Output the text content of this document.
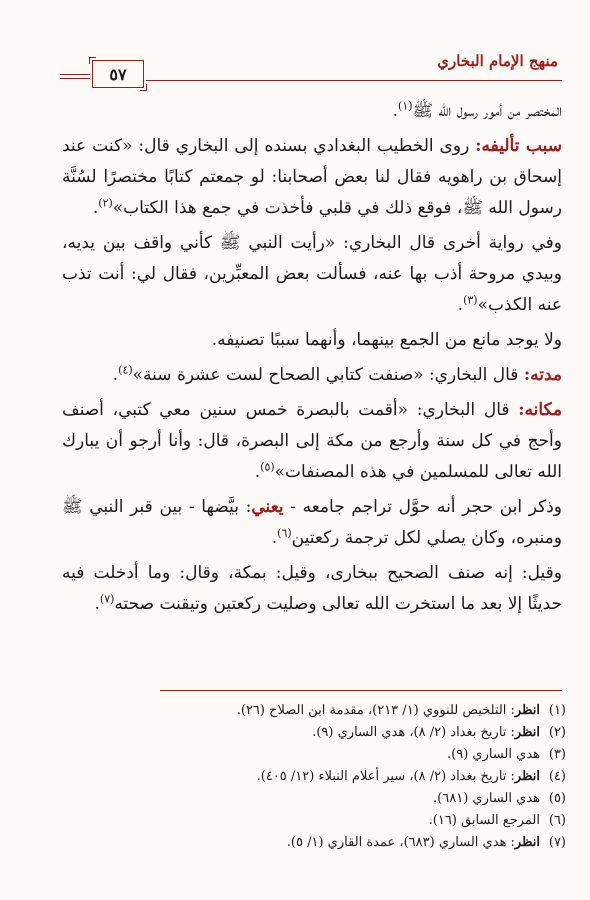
منهج الإمام البخاري
٥٧

المختصر من أمور رسول الله ﷺ$^{(١)}$.

سبب تأليفه: روى الخطيب البغدادي بسنده إلى البخاري قال: «كنت عند إسحاق بن راهويه فقال لنا بعض أصحابنا: لو جمعتم كتابًا مختصرًا لسُنَّة رسول الله ﷺ، فوقع ذلك في قلبي فأخذت في جمع هذا الكتاب»$^{(٢)}$.

وفي رواية أخرى قال البخاري: «رأيت النبي ﷺ كأني واقف بين يديه، وبيدي مروحة أذب بها عنه، فسألت بعض المعبِّرين، فقال لي: أنت تذب عنه الكذب»$^{(٣)}$.

ولا يوجد مانع من الجمع بينهما، وأنهما سببًا تصنيفه.

مدته: قال البخاري: «صنفت كتابي الصحاح لست عشرة سنة»$^{(٤)}$.

مكانه: قال البخاري: «أقمت بالبصرة خمس سنين معي كتبي، أصنف وأحج في كل سنة وأرجع من مكة إلى البصرة، قال: وأنا أرجو أن يبارك الله تعالى للمسلمين في هذه المصنفات»$^{(٥)}$.

وذكر ابن حجر أنه حوَّل تراجم جامعه - يعني: بيَّضها - بين قبر النبي ﷺ ومنبره، وكان يصلي لكل ترجمة ركعتين$^{(٦)}$.

وقيل: إنه صنف الصحيح ببخارى، وقيل: بمكة، وقال: وما أدخلت فيه حديثًا إلا بعد ما استخرت الله تعالى وصليت ركعتين وتيقنت صحته$^{(٧)}$.

(١)
انظر: التلخيص للنووي (١/ ٢١٣)، مقدمة ابن الصلاح (٢٦).
(٢)
انظر: تاريخ بغداد (٢/ ٨)، هدي الساري (٩).
(٣)
هدي الساري (٩).
(٤)
انظر: تاريخ بغداد (٢/ ٨)، سير أعلام النبلاء (١٢/ ٤٠٥).
(٥)
هدي الساري (٦٨١).
(٦)
المرجع السابق (١٦).
(٧)
انظر: هدي الساري (٦٨٣)، عمدة القاري (١/ ٥).
